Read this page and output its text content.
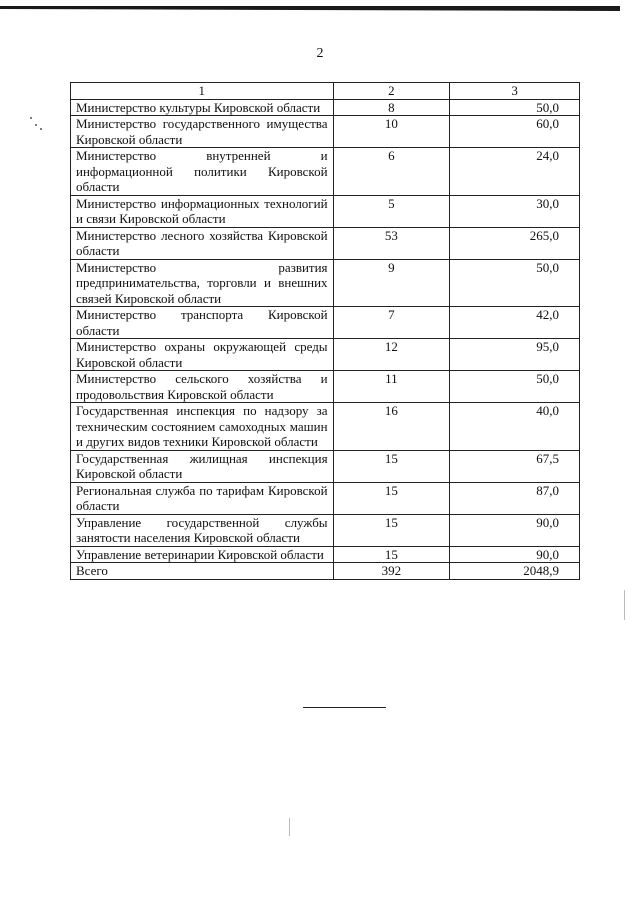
2
1	2	3
Министерство культуры Кировской области	8	50,0
Министерство государственного имущества Кировской области	10	60,0
Министерство внутренней и информационной политики Кировской области	6	24,0
Министерство информационных технологий и связи Кировской области	5	30,0
Министерство лесного хозяйства Кировской области	53	265,0
Министерство развития предпринимательства, торговли и внешних связей Кировской области	9	50,0
Министерство транспорта Кировской области	7	42,0
Министерство охраны окружающей среды Кировской области	12	95,0
Министерство сельского хозяйства и продовольствия Кировской области	11	50,0
Государственная инспекция по надзору за техническим состоянием самоходных машин и других видов техники Кировской области	16	40,0
Государственная жилищная инспекция Кировской области	15	67,5
Региональная служба по тарифам Кировской области	15	87,0
Управление государственной службы занятости населения Кировской области	15	90,0
Управление ветеринарии Кировской области	15	90,0
Всего	392	2048,9
